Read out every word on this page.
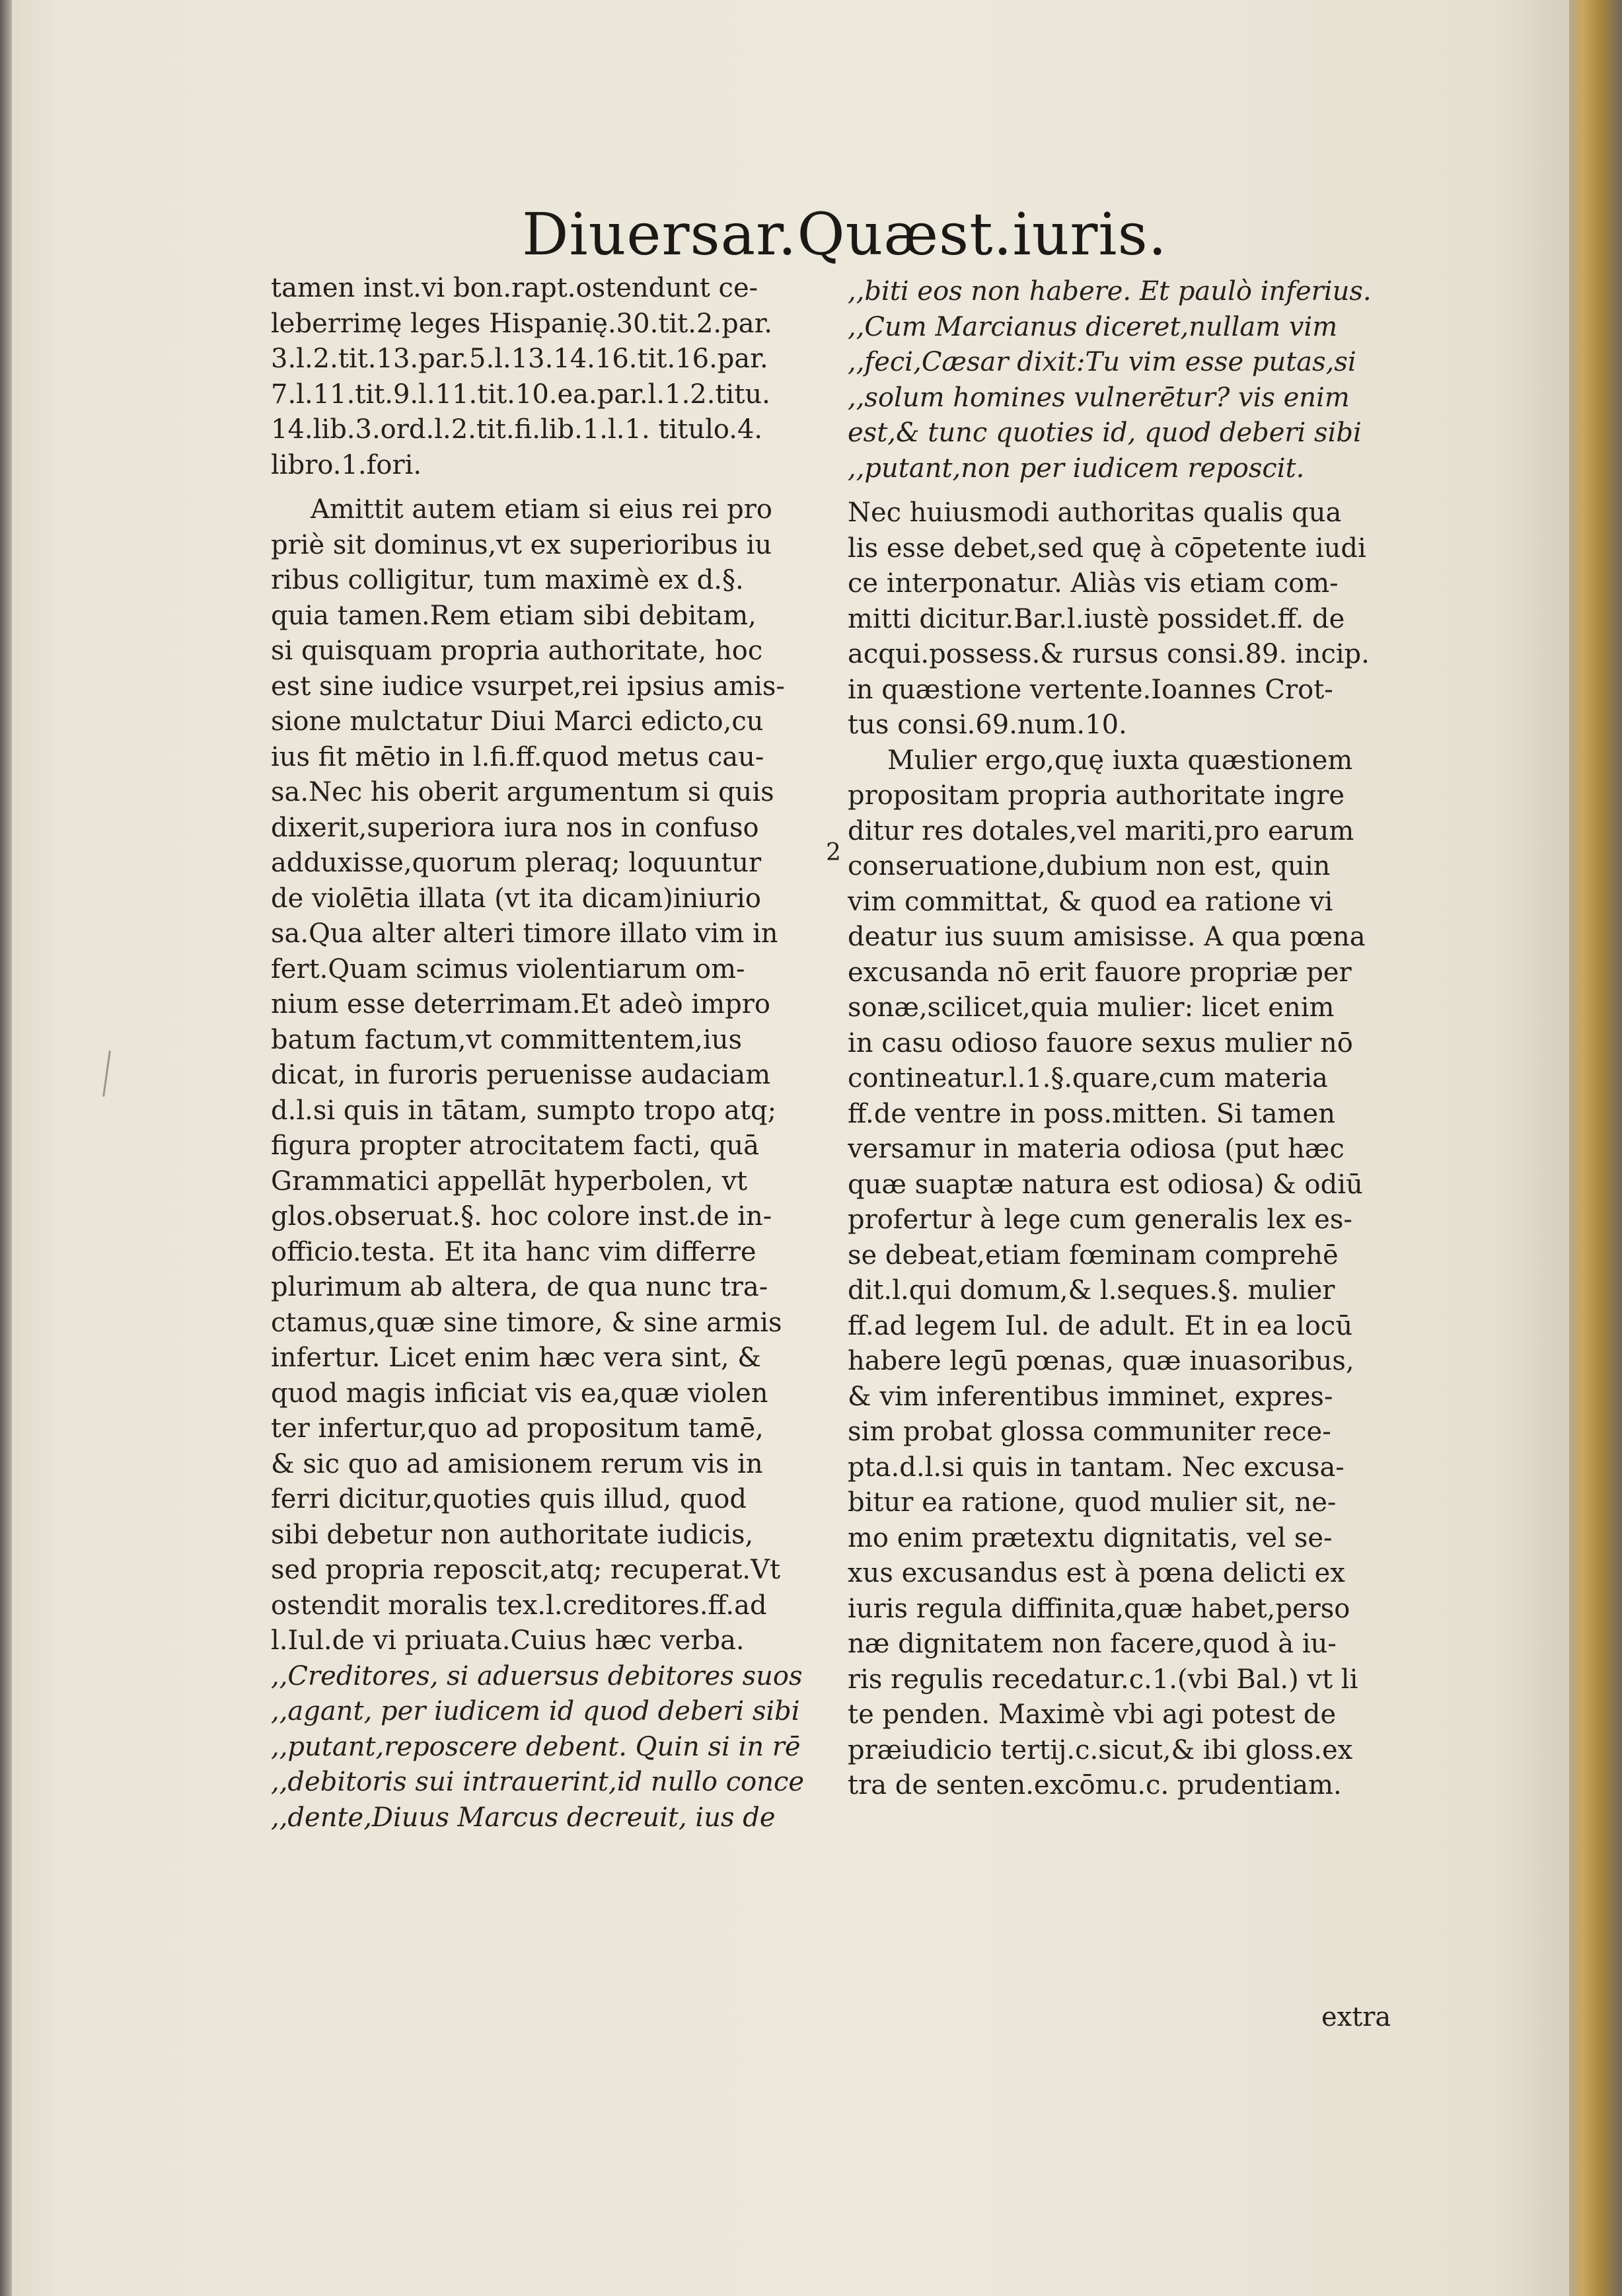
Diuersar.Quæst.iuris.
tamen inst.vi bon.rapt.ostendunt ce-
leberrimę leges Hispanię.30.tit.2.par.
3.l.2.tit.13.par.5.l.13.14.16.tit.16.par.
7.l.11.tit.9.l.11.tit.10.ea.par.l.1.2.titu.
14.lib.3.ord.l.2.tit.fi.lib.1.l.1. titulo.4.
libro.1.fori.
Amittit autem etiam si eius rei pro
priè sit dominus,vt ex superioribus iu
ribus colligitur, tum maximè ex d.§.
quia tamen.Rem etiam sibi debitam,
si quisquam propria authoritate, hoc
est sine iudice vsurpet,rei ipsius amis-
sione mulctatur Diui Marci edicto,cu
ius fit mētio in l.fi.ff.quod metus cau-
sa.Nec his oberit argumentum si quis
dixerit,superiora iura nos in confuso
adduxisse,quorum pleraq; loquuntur
de violētia illata (vt ita dicam)iniurio
sa.Qua alter alteri timore illato vim in
fert.Quam scimus violentiarum om-
nium esse deterrimam.Et adeò impro
batum factum,vt committentem,ius
dicat, in furoris peruenisse audaciam
d.l.si quis in tātam, sumpto tropo atq;
figura propter atrocitatem facti, quā
Grammatici appellāt hyperbolen, vt
glos.obseruat.§. hoc colore inst.de in-
officio.testa. Et ita hanc vim differre
plurimum ab altera, de qua nunc tra-
ctamus,quæ sine timore, & sine armis
infertur. Licet enim hæc vera sint, &
quod magis inficiat vis ea,quæ violen
ter infertur,quo ad propositum tamē,
& sic quo ad amisionem rerum vis in
ferri dicitur,quoties quis illud, quod
sibi debetur non authoritate iudicis,
sed propria reposcit,atq; recuperat.Vt
ostendit moralis tex.l.creditores.ff.ad
l.Iul.de vi priuata.Cuius hæc verba.
,,Creditores, si aduersus debitores suos
,,agant, per iudicem id quod deberi sibi
,,putant,reposcere debent. Quin si in rē
,,debitoris sui intrauerint,id nullo conce
,,dente,Diuus Marcus decreuit, ius de
2
,,biti eos non habere. Et paulò inferius.
,,Cum Marcianus diceret,nullam vim
,,feci,Cæsar dixit:Tu vim esse putas,si
,,solum homines vulnerētur? vis enim
est,& tunc quoties id, quod deberi sibi
,,putant,non per iudicem reposcit.
Nec huiusmodi authoritas qualis qua
lis esse debet,sed quę à cōpetente iudi
ce interponatur. Aliàs vis etiam com-
mitti dicitur.Bar.l.iustè possidet.ff. de
acqui.possess.& rursus consi.89. incip.
in quæstione vertente.Ioannes Crot-
tus consi.69.num.10.
Mulier ergo,quę iuxta quæstionem
propositam propria authoritate ingre
ditur res dotales,vel mariti,pro earum
conseruatione,dubium non est, quin
vim committat, & quod ea ratione vi
deatur ius suum amisisse. A qua pœna
excusanda nō erit fauore propriæ per
sonæ,scilicet,quia mulier: licet enim
in casu odioso fauore sexus mulier nō
contineatur.l.1.§.quare,cum materia
ff.de ventre in poss.mitten. Si tamen
versamur in materia odiosa (put hæc
quæ suaptæ natura est odiosa) & odiū
profertur à lege cum generalis lex es-
se debeat,etiam fœminam comprehē
dit.l.qui domum,& l.seques.§. mulier
ff.ad legem Iul. de adult. Et in ea locū
habere legū pœnas, quæ inuasoribus,
& vim inferentibus imminet, expres-
sim probat glossa communiter rece-
pta.d.l.si quis in tantam. Nec excusa-
bitur ea ratione, quod mulier sit, ne-
mo enim prætextu dignitatis, vel se-
xus excusandus est à pœna delicti ex
iuris regula diffinita,quæ habet,perso
næ dignitatem non facere,quod à iu-
ris regulis recedatur.c.1.(vbi Bal.) vt li
te penden. Maximè vbi agi potest de
præiudicio tertij.c.sicut,& ibi gloss.ex
tra de senten.excōmu.c. prudentiam.
extra
